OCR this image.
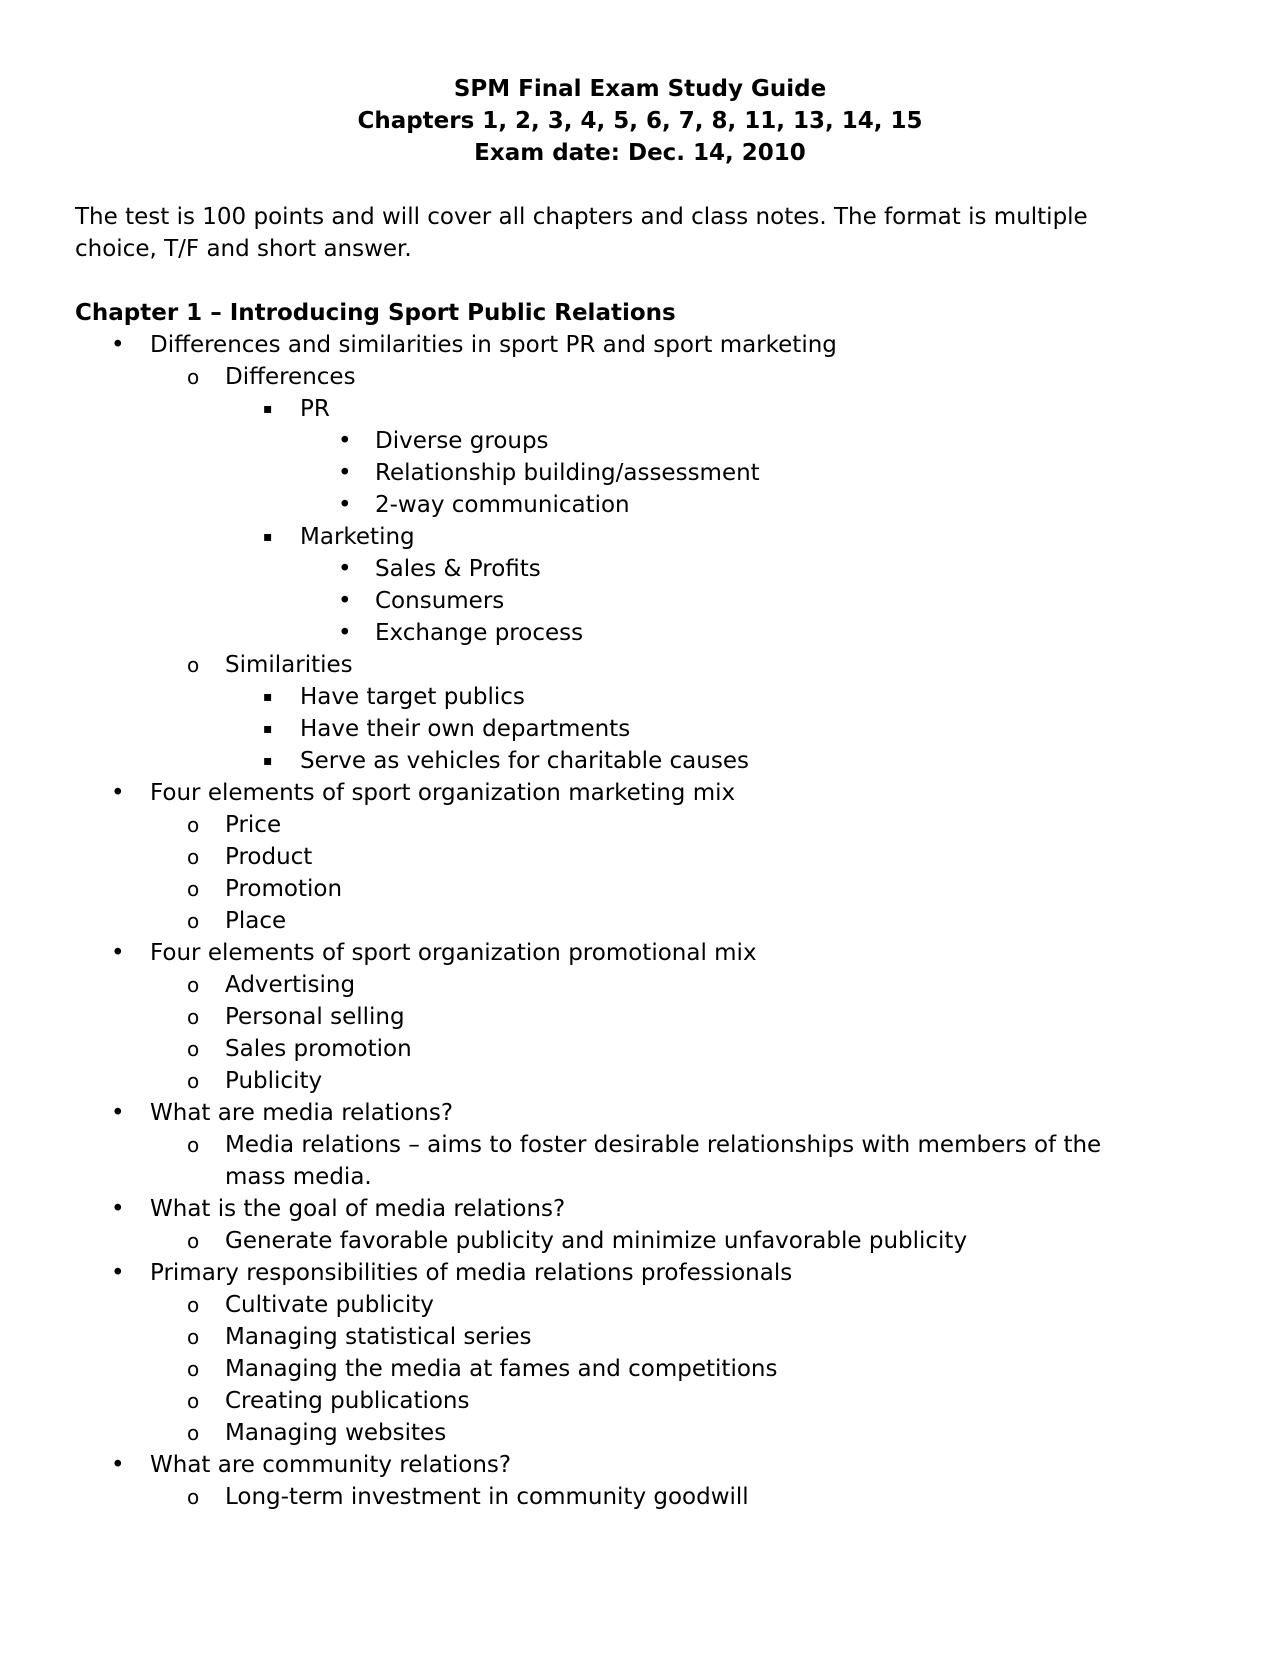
SPM Final Exam Study Guide
Chapters 1, 2, 3, 4, 5, 6, 7, 8, 11, 13, 14, 15
Exam date: Dec. 14, 2010
The test is 100 points and will cover all chapters and class notes. The format is multiple choice, T/F and short answer.
Chapter 1 – Introducing Sport Public Relations
•	Differences and similarities in sport PR and sport marketing
o	Differences
▪	PR
•	Diverse groups
•	Relationship building/assessment
•	2-way communication
▪	Marketing
•	Sales & Profits
•	Consumers
•	Exchange process
o	Similarities
▪	Have target publics
▪	Have their own departments
▪	Serve as vehicles for charitable causes
•	Four elements of sport organization marketing mix
o	Price
o	Product
o	Promotion
o	Place
•	Four elements of sport organization promotional mix
o	Advertising
o	Personal selling
o	Sales promotion
o	Publicity
•	What are media relations?
o	Media relations – aims to foster desirable relationships with members of the mass media.
•	What is the goal of media relations?
o	Generate favorable publicity and minimize unfavorable publicity
•	Primary responsibilities of media relations professionals
o	Cultivate publicity
o	Managing statistical series
o	Managing the media at fames and competitions
o	Creating publications
o	Managing websites
•	What are community relations?
o	Long-term investment in community goodwill
